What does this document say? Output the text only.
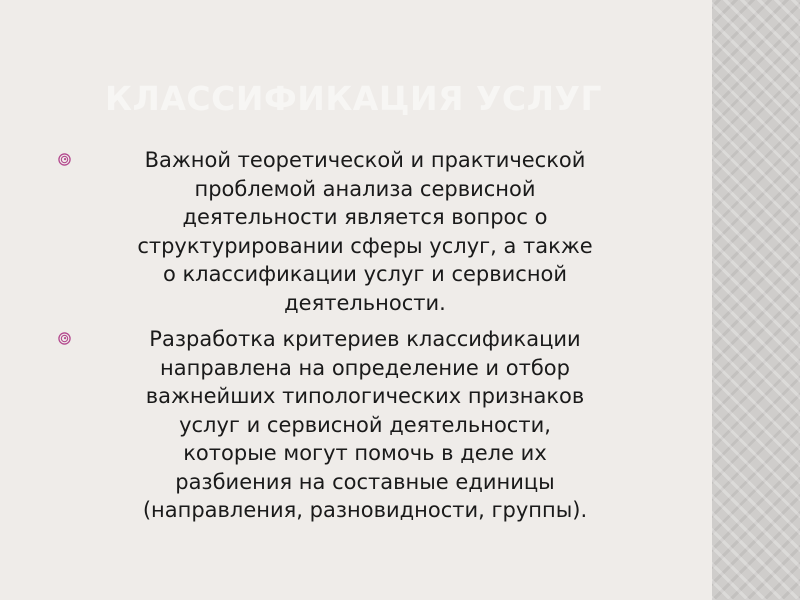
КЛАССИФИКАЦИЯ УСЛУГ

Важной теоретической и практической
проблемой анализа сервисной
деятельности является вопрос о
структурировании сферы услуг, а также
о классификации услуг и сервисной
деятельности.

Разработка критериев классификации
направлена на определение и отбор
важнейших типологических признаков
услуг и сервисной деятельности,
которые могут помочь в деле их
разбиения на составные единицы
(направления, разновидности, группы).
